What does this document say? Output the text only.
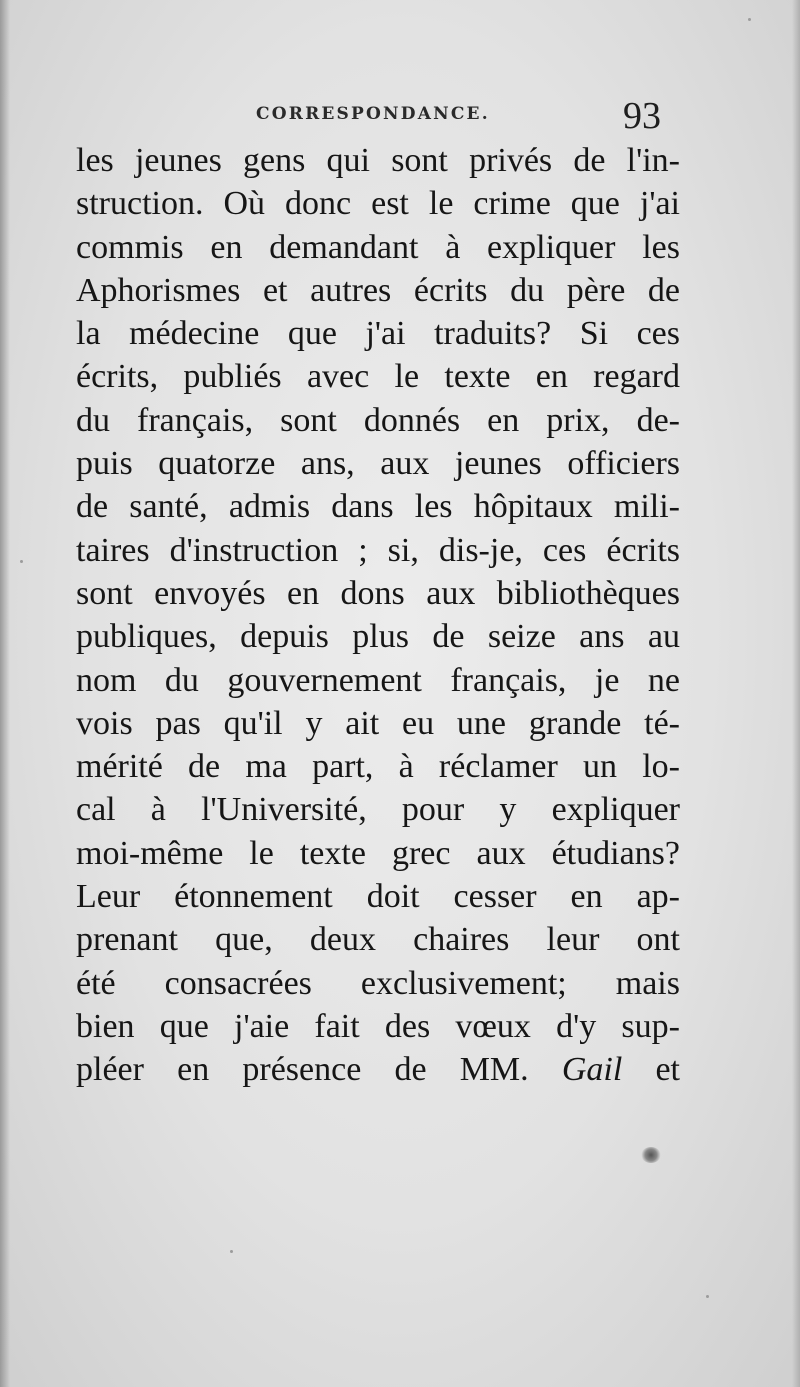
CORRESPONDANCE.	93
les jeunes gens qui sont privés de l'in-
struction. Où donc est le crime que j'ai
commis en demandant à expliquer les
Aphorismes et autres écrits du père de
la médecine que j'ai traduits? Si ces
écrits, publiés avec le texte en regard
du français, sont donnés en prix, de-
puis quatorze ans, aux jeunes officiers
de santé, admis dans les hôpitaux mili-
taires d'instruction ; si, dis-je, ces écrits
sont envoyés en dons aux bibliothèques
publiques, depuis plus de seize ans au
nom du gouvernement français, je ne
vois pas qu'il y ait eu une grande té-
mérité de ma part, à réclamer un lo-
cal à l'Université, pour y expliquer
moi-même le texte grec aux étudians?
Leur étonnement doit cesser en ap-
prenant que, deux chaires leur ont
été consacrées exclusivement; mais
bien que j'aie fait des vœux d'y sup-
pléer en présence de MM. Gail et
